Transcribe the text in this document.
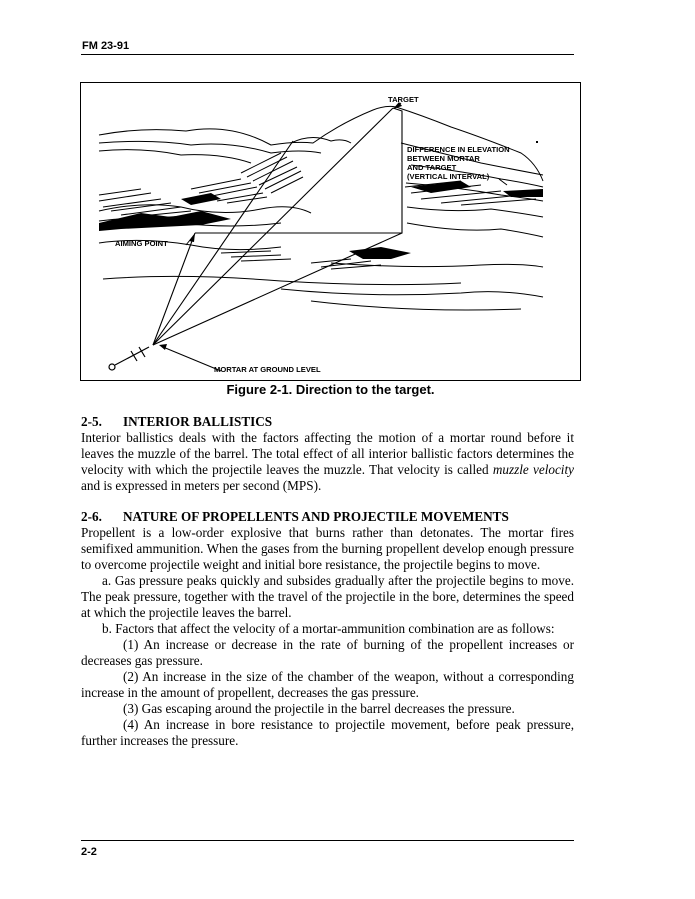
FM 23-91
TARGET
DIFFERENCE IN ELEVATION
BETWEEN MORTAR
AND TARGET
(VERTICAL INTERVAL)
AIMING POINT
MORTAR AT GROUND LEVEL
Figure 2-1. Direction to the target.

2-5. INTERIOR BALLISTICS

Interior ballistics deals with the factors affecting the motion of a mortar round before it leaves the muzzle of the barrel. The total effect of all interior ballistic factors determines the velocity with which the projectile leaves the muzzle. That velocity is called muzzle velocity and is expressed in meters per second (MPS).

2-6. NATURE OF PROPELLENTS AND PROJECTILE MOVEMENTS

Propellent is a low-order explosive that burns rather than detonates. The mortar fires semifixed ammunition. When the gases from the burning propellent develop enough pressure to overcome projectile weight and initial bore resistance, the projectile begins to move.

a. Gas pressure peaks quickly and subsides gradually after the projectile begins to move. The peak pressure, together with the travel of the projectile in the bore, determines the speed at which the projectile leaves the barrel.

b. Factors that affect the velocity of a mortar-ammunition combination are as follows:

(1) An increase or decrease in the rate of burning of the propellent increases or decreases gas pressure.

(2) An increase in the size of the chamber of the weapon, without a corresponding increase in the amount of propellent, decreases the gas pressure.

(3) Gas escaping around the projectile in the barrel decreases the pressure.

(4) An increase in bore resistance to projectile movement, before peak pressure, further increases the pressure.

2-2
